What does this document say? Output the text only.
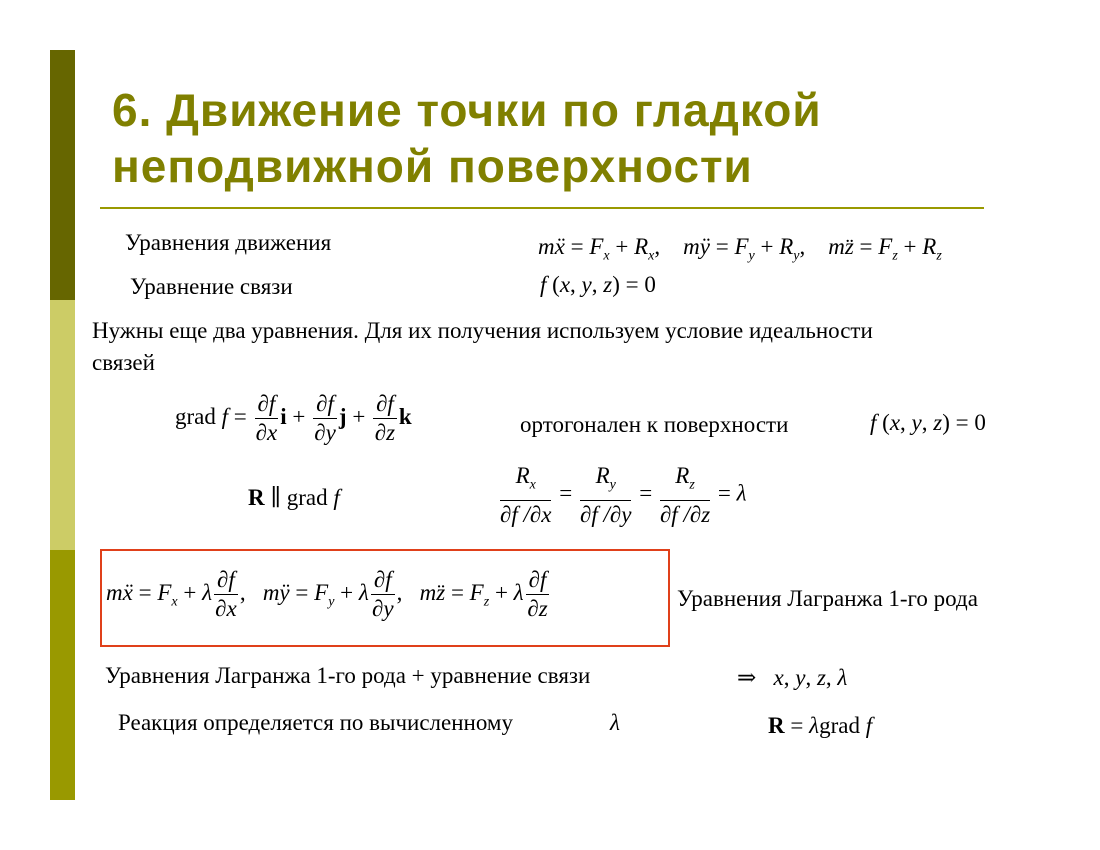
6. Движение точки по гладкой
неподвижной поверхности
Уравнения движения	mẍ = $F_x + R_x$,    mÿ = $F_y + R_y$,    mz̈ = $F_z + R_z$
Уравнение связи	f (x, y, z) = 0
Нужны еще два уравнения. Для их получения используем условие идеальности
связей
grad $f = \frac{\partial f}{\partial x}$ $i + \frac{\partial f}{\partial y}$ $j + \frac{\partial f}{\partial z}$ k	ортогонален к поверхности	f (x, y, z) = 0
R ∥ grad f	$\frac{R_x}{\partial f /\partial x} = \frac{R_y}{\partial f /\partial y} = \frac{R_z}{\partial f /\partial z} = \lambda$
mẍ = $F_x + \lambda \frac{\partial f}{\partial x}$ ,   mÿ = $F_y + \lambda \frac{\partial f}{\partial y}$ ,   mz̈ = $F_z + \lambda \frac{\partial f}{\partial z}$	Уравнения Лагранжа 1-го рода
Уравнения Лагранжа 1-го рода + уравнение связи	⇒   x, y, z, λ
Реакция определяется по вычисленному	λ	R = λgrad f
